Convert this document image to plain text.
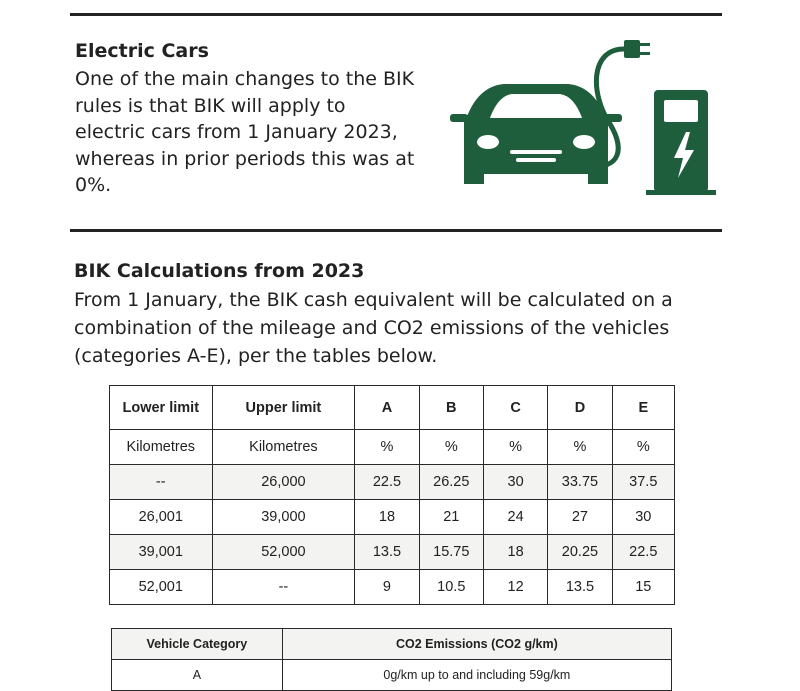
Electric Cars

One of the main changes to the BIK rules is that BIK will apply to electric cars from 1 January 2023, whereas in prior periods this was at 0%.

BIK Calculations from 2023

From 1 January, the BIK cash equivalent will be calculated on a combination of the mileage and CO2 emissions of the vehicles (categories A-E), per the tables below.

Lower limit	Upper limit	A	B	C	D	E
Kilometres	Kilometres	%	%	%	%	%
--	26,000	22.5	26.25	30	33.75	37.5
26,001	39,000	18	21	24	27	30
39,001	52,000	13.5	15.75	18	20.25	22.5
52,001	--	9	10.5	12	13.5	15
Vehicle Category	CO2 Emissions (CO2 g/km)
A	0g/km up to and including 59g/km
